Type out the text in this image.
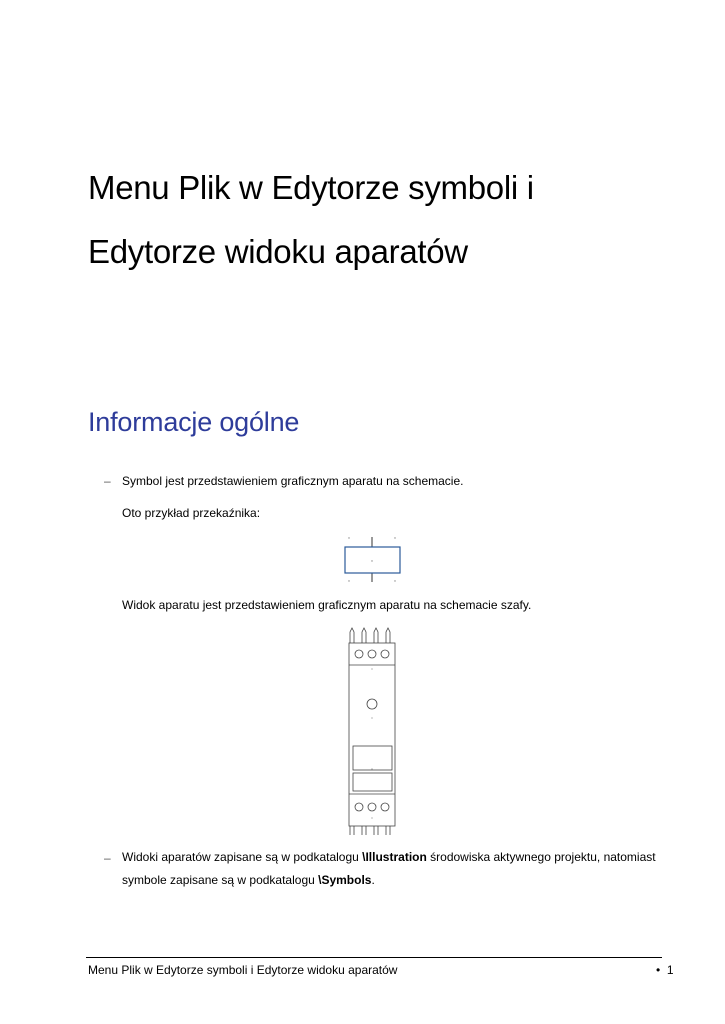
Menu Plik w Edytorze symboli i
Edytorze widoku aparatów
Informacje ogólne
– Symbol jest przedstawieniem graficznym aparatu na schemacie.
Oto przykład przekaźnika:
Widok aparatu jest przedstawieniem graficznym aparatu na schemacie szafy.
– Widoki aparatów zapisane są w podkatalogu \Illustration środowiska aktywnego projektu, natomiast
symbole zapisane są w podkatalogu \Symbols.
Menu Plik w Edytorze symboli i Edytorze widoku aparatów	• 1
